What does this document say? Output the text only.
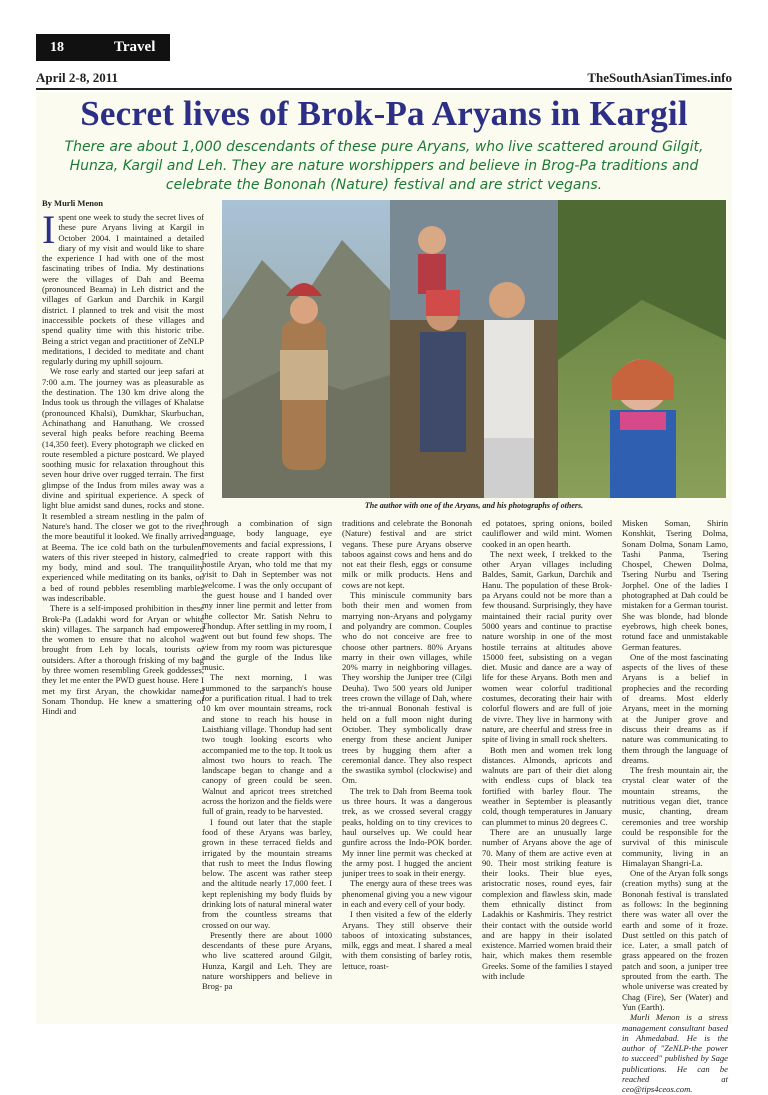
18	Travel
April 2-8, 2011	TheSouthAsianTimes.info
Secret lives of Brok-Pa Aryans in Kargil

There are about 1,000 descendants of these pure Aryans, who live scattered around Gilgit, Hunza, Kargil and Leh. They are nature worshippers and believe in Brog-Pa traditions and celebrate the Bononah (Nature) festival and are strict vegans.

By Murli Menon
The author with one of the Aryans, and his photographs of others.

Ispent one week to study the secret lives of these pure Aryans living at Kargil in October 2004. I maintained a detailed diary of my visit and would like to share the experience I had with one of the most fascinating tribes of India. My destinations were the villages of Dah and Beema (pronounced Beama) in Leh district and the villages of Garkun and Darchik in Kargil district. I planned to trek and visit the most inaccessible pockets of these villages and spend quality time with this historic tribe. Being a strict vegan and practitioner of ZeNLP meditations, I decided to meditate and chant regularly during my uphill sojourn.

We rose early and started our jeep safari at 7:00 a.m. The journey was as pleasurable as the destination. The 130 km drive along the Indus took us through the villages of Khalatse (pronounced Khalsi), Dumkhar, Skurbuchan, Achinathang and Hanuthang. We crossed several high peaks before reaching Beema (14,350 feet). Every photograph we clicked en route resembled a picture postcard. We played soothing music for relaxation throughout this seven hour drive over rugged terrain. The first glimpse of the Indus from miles away was a divine and spiritual experience. A speck of light blue amidst sand dunes, rocks and stone. It resembled a stream nestling in the palm of Nature's hand. The closer we got to the river, the more beautiful it looked. We finally arrived at Beema. The ice cold bath on the turbulent waters of this river steeped in history, calmed my body, mind and soul. The tranquility experienced while meditating on its banks, on a bed of round pebbles resembling marbles was indescribable.

There is a self-imposed prohibition in these Brok-Pa (Ladakhi word for Aryan or white skin) villages. The sarpanch had empowered the women to ensure that no alcohol was brought from Leh by locals, tourists or outsiders. After a thorough frisking of my bag by three women resembling Greek goddesses, they let me enter the PWD guest house. Here I met my first Aryan, the chowkidar named Sonam Thondup. He knew a smattering of Hindi and

through a combination of sign language, body language, eye movements and facial expressions, I tried to create rapport with this hostile Aryan, who told me that my visit to Dah in September was not welcome. I was the only occupant of the guest house and I handed over my inner line permit and letter from the collector Mr. Satish Nehru to Thondup. After settling in my room, I went out but found few shops. The view from my room was picturesque and the gurgle of the Indus like music.

The next morning, I was summoned to the sarpanch's house for a purification ritual. I had to trek 10 km over mountain streams, rock and stone to reach his house in Laisthiang village. Thondup had sent two tough looking escorts who accompanied me to the top. It took us almost two hours to reach. The landscape began to change and a canopy of green could be seen. Walnut and apricot trees stretched across the horizon and the fields were full of grain, ready to be harvested.

I found out later that the staple food of these Aryans was barley, grown in these terraced fields and irrigated by the mountain streams that rush to meet the Indus flowing below. The ascent was rather steep and the altitude nearly 17,000 feet. I kept replenishing my body fluids by drinking lots of natural mineral water from the countless streams that crossed on our way.

Presently there are about 1000 descendants of these pure Aryans, who live scattered around Gilgit, Hunza, Kargil and Leh. They are nature worshippers and believe in Brog- pa

traditions and celebrate the Bononah (Nature) festival and are strict vegans. These pure Aryans observe taboos against cows and hens and do not eat their flesh, eggs or consume milk or milk products. Hens and cows are not kept.

This miniscule community bars both their men and women from marrying non-Aryans and polygamy and polyandry are common. Couples who do not conceive are free to choose other partners. 80% Aryans marry in their own villages, while 20% marry in neighboring villages. They worship the Juniper tree (Cilgi Deuha). Two 500 years old Juniper trees crown the village of Dah, where the tri-annual Bononah festival is held on a full moon night during October. They symbolically draw energy from these ancient Juniper trees by hugging them after a ceremonial dance. They also respect the swastika symbol (clockwise) and Om.

The trek to Dah from Beema took us three hours. It was a dangerous trek, as we crossed several craggy peaks, holding on to tiny crevices to haul ourselves up. We could hear gunfire across the Indo-POK border. My inner line permit was checked at the army post. I hugged the ancient juniper trees to soak in their energy.

The energy aura of these trees was phenomenal giving you a new vigour in each and every cell of your body.

I then visited a few of the elderly Aryans. They still observe their taboos of intoxicating substances, milk, eggs and meat. I shared a meal with them consisting of barley rotis, lettuce, roast-

ed potatoes, spring onions, boiled cauliflower and wild mint. Women cooked in an open hearth.

The next week, I trekked to the other Aryan villages including Baldes, Samit, Garkun, Darchik and Hanu. The population of these Brok-pa Aryans could not be more than a few thousand. Surprisingly, they have maintained their racial purity over 5000 years and continue to practise nature worship in one of the most hostile terrains at altitudes above 15000 feet, subsisting on a vegan diet. Music and dance are a way of life for these Aryans. Both men and women wear colorful traditional costumes, decorating their hair with colorful flowers and are full of joie de vivre. They live in harmony with nature, are cheerful and stress free in spite of living in small rock shelters.

Both men and women trek long distances. Almonds, apricots and walnuts are part of their diet along with endless cups of black tea fortified with barley flour. The weather in September is pleasantly cold, though temperatures in January can plummet to minus 20 degrees C.

There are an unusually large number of Aryans above the age of 70. Many of them are active even at 90. Their most striking feature is their looks. Their blue eyes, aristocratic noses, round eyes, fair complexion and flawless skin, made them ethnically distinct from Ladakhis or Kashmiris. They restrict their contact with the outside world and are happy in their isolated existence. Married women braid their hair, which makes them resemble Greeks. Some of the families I stayed with include

Misken Soman, Shirin Konshkit, Tsering Dolma, Sonam Dolma, Sonam Lamo, Tashi Panma, Tsering Chospel, Chewen Dolma, Tsering Nurbu and Tsering Jorphel. One of the ladies I photographed at Dah could be mistaken for a German tourist. She was blonde, had blonde eyebrows, high cheek bones, rotund face and unmistakable German features.

One of the most fascinating aspects of the lives of these Aryans is a belief in prophecies and the recording of dreams. Most elderly Aryans, meet in the morning at the Juniper grove and discuss their dreams as if nature was communicating to them through the language of dreams.

The fresh mountain air, the crystal clear water of the mountain streams, the nutritious vegan diet, trance music, chanting, dream ceremonies and tree worship could be responsible for the survival of this miniscule community, living in an Himalayan Shangri-La.

One of the Aryan folk songs (creation myths) sung at the Bononah festival is translated as follows: In the beginning there was water all over the earth and some of it froze. Dust settled on this patch of ice. Later, a small patch of grass appeared on the frozen patch and soon, a juniper tree sprouted from the earth. The whole universe was created by Chag (Fire), Ser (Water) and Yun (Earth).

Murli Menon is a stress management consultant based in Ahmedabad. He is the author of "ZeNLP-the power to succeed" published by Sage publications. He can be reached at ceo@tips4ceos.com.
